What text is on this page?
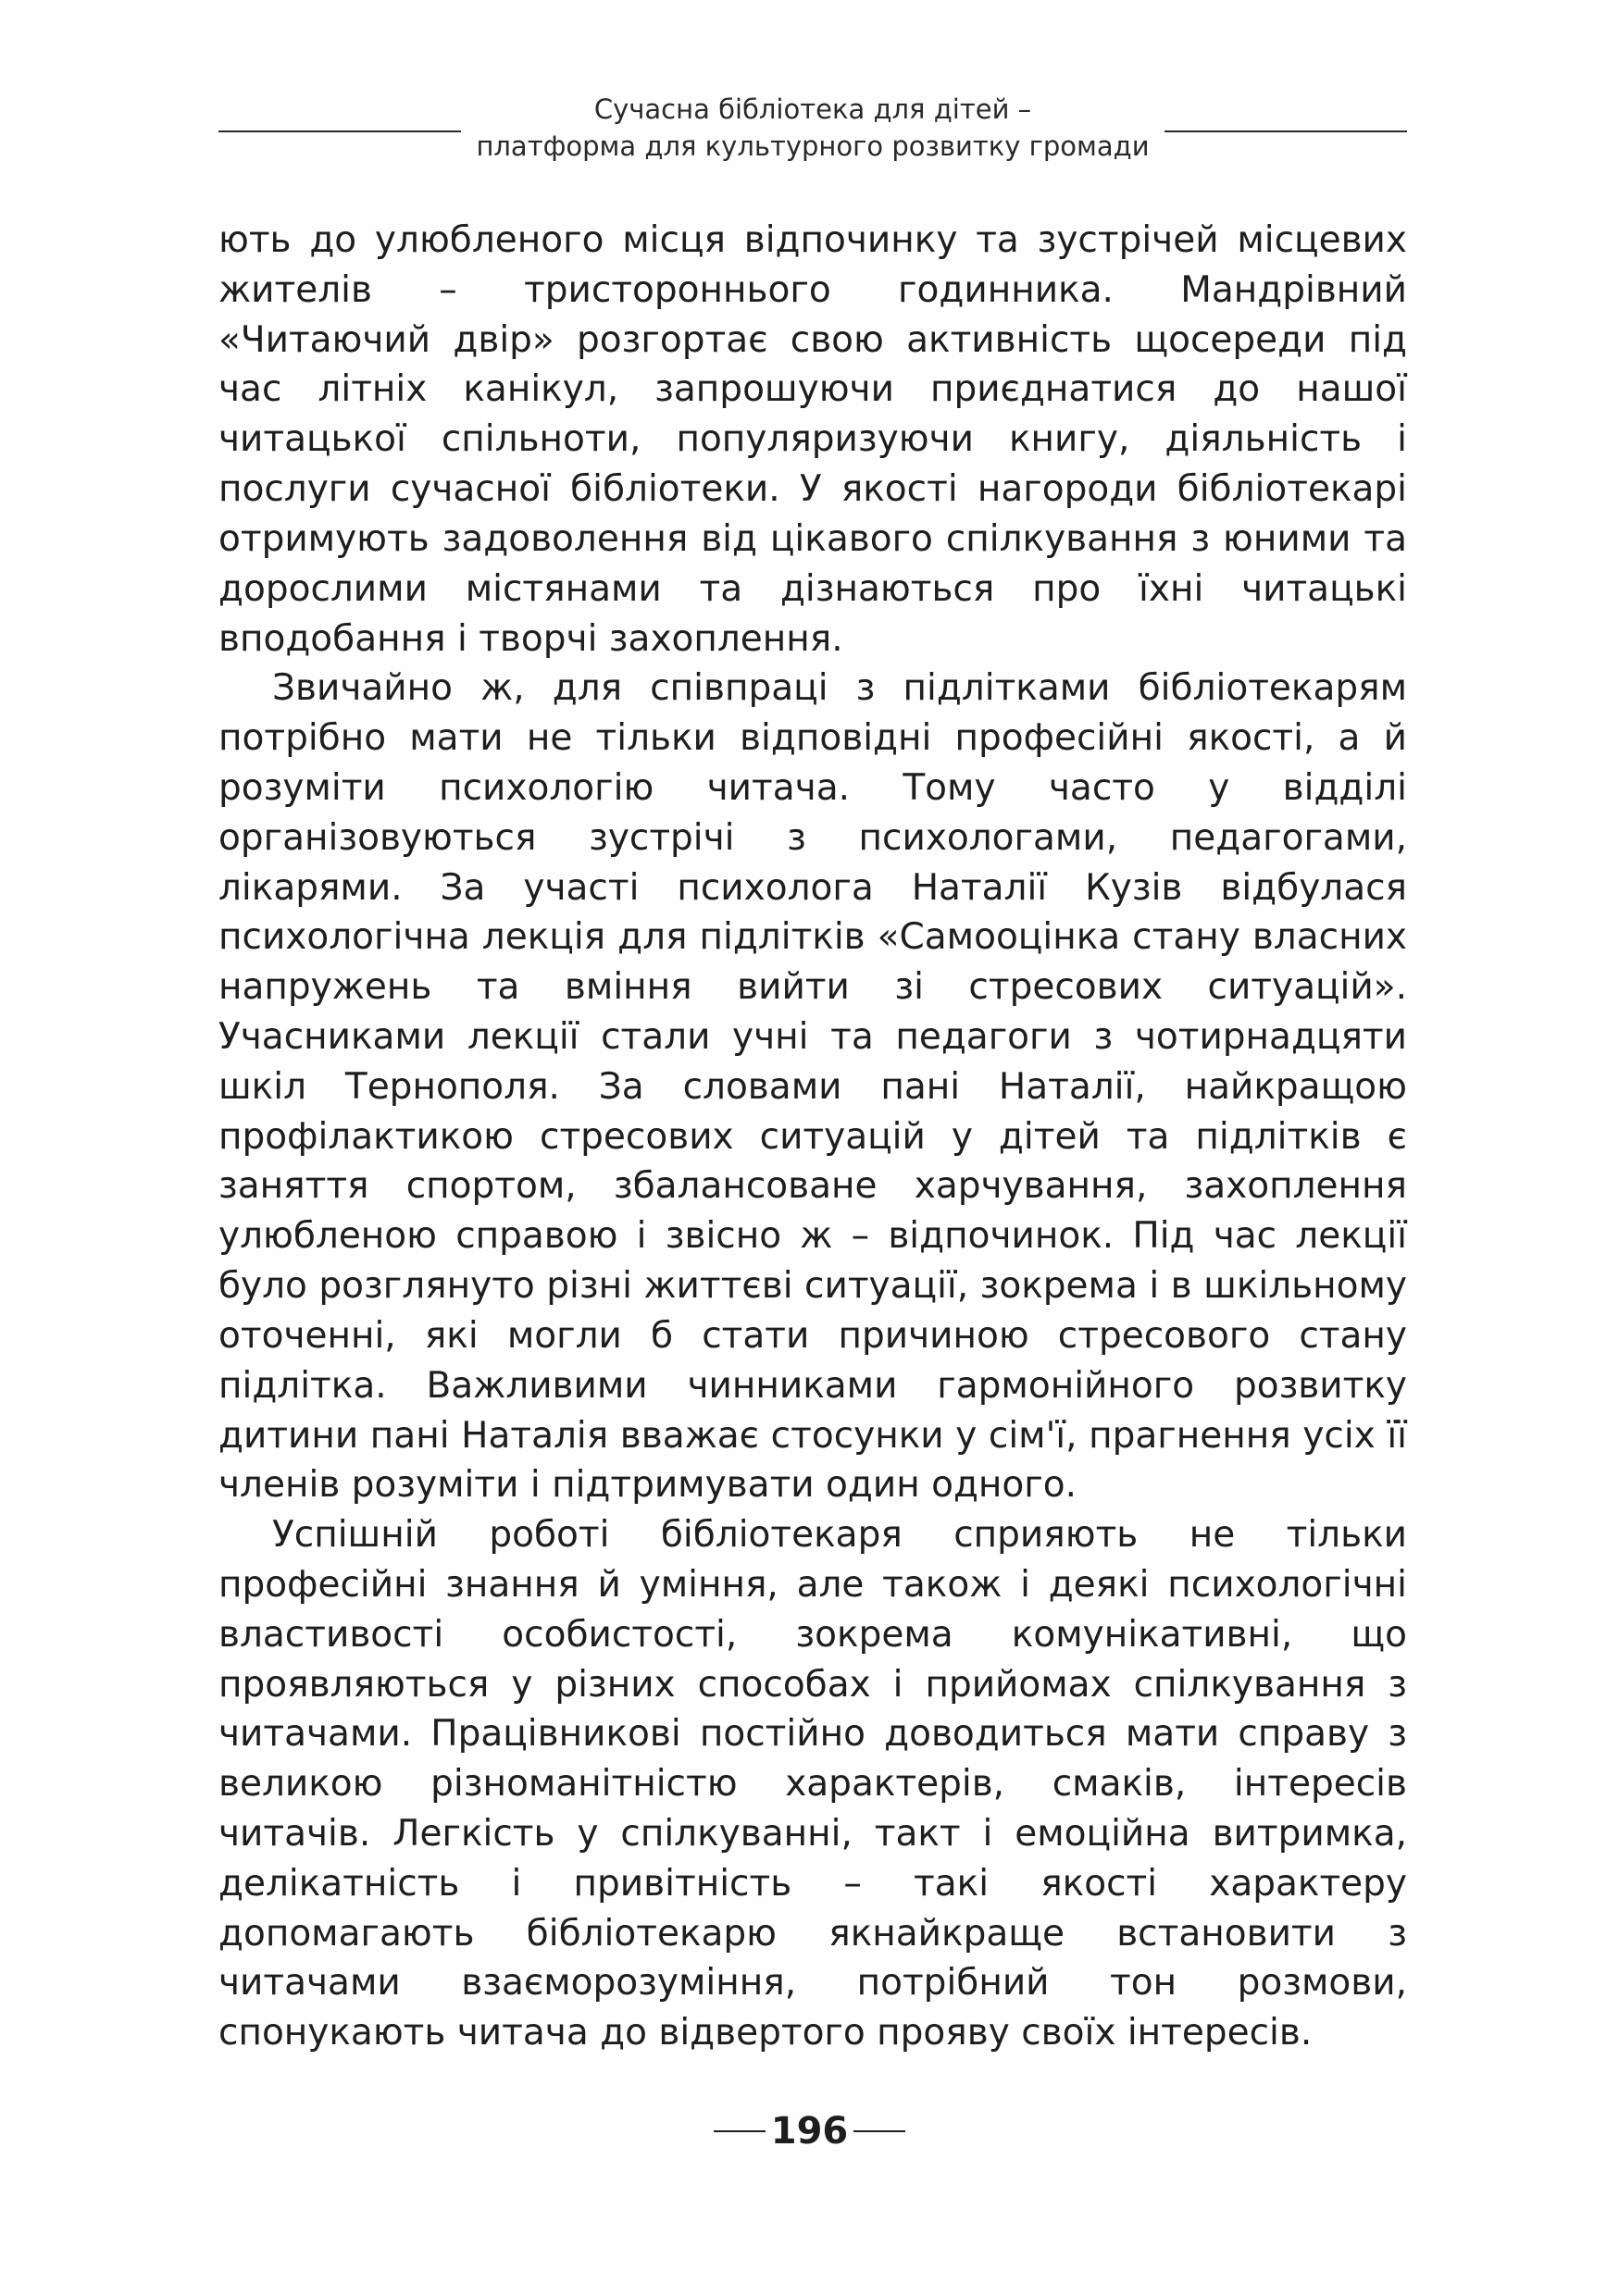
Сучасна бібліотека для дітей –
платформа для культурного розвитку громади

ють до улюбленого місця відпочинку та зустрічей місцевих жителів – тристороннього годинника. Мандрівний «Читаючий двір» розгортає свою активність щосереди під час літніх канікул, запрошуючи приєднатися до нашої читацької спільноти, популяризуючи книгу, діяльність і послуги сучасної бібліотеки. У якості нагороди бібліотекарі отримують задоволення від цікавого спілкування з юними та дорослими містянами та дізнаються про їхні читацькі вподобання і творчі захоплення.

Звичайно ж, для співпраці з підлітками бібліотекарям потрібно мати не тільки відповідні професійні якості, а й розуміти психологію читача. Тому часто у відділі організовуються зустрічі з психологами, педагогами, лікарями. За участі психолога Наталії Кузів відбулася психологічна лекція для підлітків «Самооцінка стану власних напружень та вміння вийти зі стресових ситуацій». Учасниками лекції стали учні та педагоги з чотирнадцяти шкіл Тернополя. За словами пані Наталії, найкращою профілактикою стресових ситуацій у дітей та підлітків є заняття спортом, збалансоване харчування, захоплення улюбленою справою і звісно ж – відпочинок. Під час лекції було розглянуто різні життєві ситуації, зокрема і в шкільному оточенні, які могли б стати причиною стресового стану підлітка. Важливими чинниками гармонійного розвитку дитини пані Наталія вважає стосунки у сім'ї, прагнення усіх її членів розуміти і підтримувати один одного.

Успішній роботі бібліотекаря сприяють не тільки професійні знання й уміння, але також і деякі психологічні властивості особистості, зокрема комунікативні, що проявляються у різних способах і прийомах спілкування з читачами. Працівникові постійно доводиться мати справу з великою різноманітністю характерів, смаків, інтересів читачів. Легкість у спілкуванні, такт і емоційна витримка, делікатність і привітність – такі якості характеру допомагають бібліотекарю якнайкраще встановити з читачами взаєморозуміння, потрібний тон розмови, спонукають читача до відвертого прояву своїх інтересів.

196
